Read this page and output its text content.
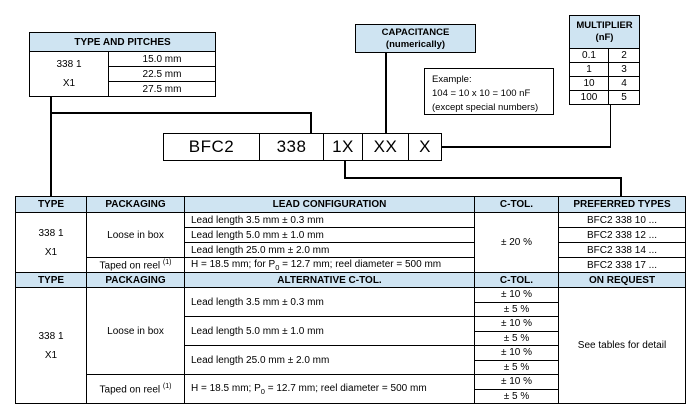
TYPE AND PITCHES

338 1
X1
	15.0 mm
22.5 mm
27.5 mm
CAPACITANCE
(numerically)
Example:
104 = 10 x 10 = 100 nF
(except special numbers)
MULTIPLIER
(nF)	

0.1	2
1	3
10	4
100	5
BFC2	338	1X	XX	X
TYPE	PACKAGING	LEAD CONFIGURATION	C-TOL.	PREFERRED TYPES

338 1
X1	Loose in box	Lead length 3.5 mm ± 0.3 mm	± 20 %	BFC2 338 10 ...
		Lead length 5.0 mm ± 1.0 mm		BFC2 338 12 ...
		Lead length 25.0 mm ± 2.0 mm		BFC2 338 14 ...
	Taped on reel $^{(1)}$	H = 18.5 mm; for $P_0 = 12.7$ mm; reel diameter = 500 mm		BFC2 338 17 ...
TYPE	PACKAGING	ALTERNATIVE C-TOL.	C-TOL.	ON REQUEST

338 1
X1	Loose in box	Lead length 3.5 mm ± 0.3 mm	± 10 %	See tables for detail
			± 5 %	
		Lead length 5.0 mm ± 1.0 mm	± 10 %	
			± 5 %	
		Lead length 25.0 mm ± 2.0 mm	± 10 %	
			± 5 %	
	Taped on reel $^{(1)}$	H = 18.5 mm; $P_0 = 12.7$ mm; reel diameter = 500 mm	± 10 %	
			± 5 %	
